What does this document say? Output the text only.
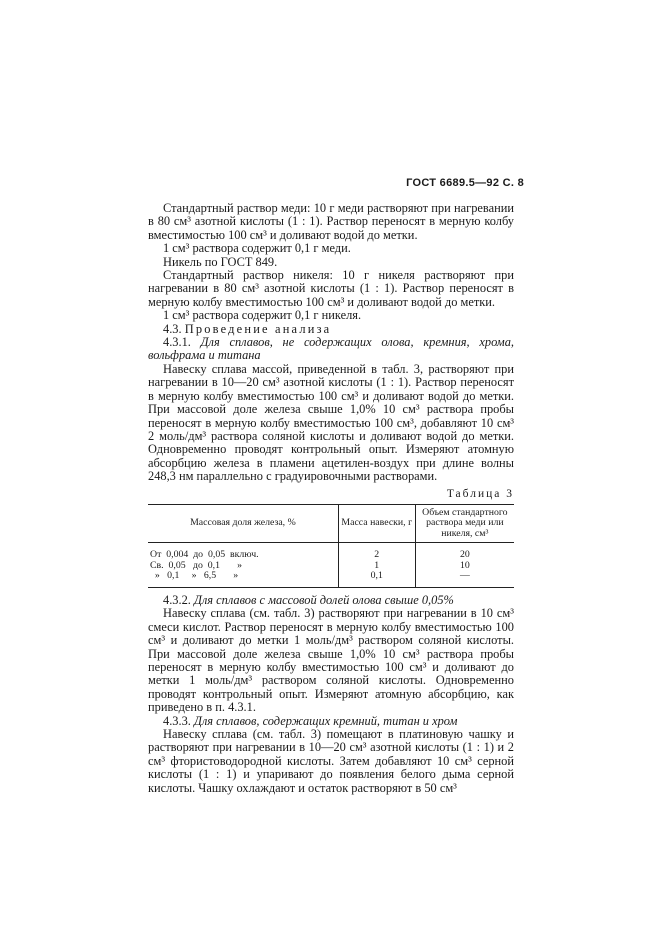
ГОСТ 6689.5—92 С. 8

Стандартный раствор меди: 10 г меди растворяют при нагревании в 80 см³ азотной кислоты (1 : 1). Раствор переносят в мерную колбу вместимостью 100 см³ и доливают водой до метки.

1 см³ раствора содержит 0,1 г меди.

Никель по ГОСТ 849.

Стандартный раствор никеля: 10 г никеля растворяют при нагревании в 80 см³ азотной кислоты (1 : 1). Раствор переносят в мерную колбу вместимостью 100 см³ и доливают водой до метки.

1 см³ раствора содержит 0,1 г никеля.

4.3. Проведение анализа

4.3.1. Для сплавов, не содержащих олова, кремния, хрома, вольфрама и титана

Навеску сплава массой, приведенной в табл. 3, растворяют при нагревании в 10—20 см³ азотной кислоты (1 : 1). Раствор переносят в мерную колбу вместимостью 100 см³ и доливают водой до метки. При массовой доле железа свыше 1,0% 10 см³ раствора пробы переносят в мерную колбу вместимостью 100 см³, добавляют 10 см³ 2 моль/дм³ раствора соляной кислоты и доливают водой до метки. Одновременно проводят контрольный опыт. Измеряют атомную абсорбцию железа в пламени ацетилен-воздух при длине волны 248,3 нм параллельно с градуировочными растворами.

Таблица 3
Массовая доля железа, %	Масса навески, г	Объем стандартного раствора меди или никеля, см³
От  0,004  до  0,05  включ.	2	20
Св.  0,05   до  0,1       »	1	10
»   0,1     »   6,5       »	0,1	—

4.3.2. Для сплавов с массовой долей олова свыше 0,05%

Навеску сплава (см. табл. 3) растворяют при нагревании в 10 см³ смеси кислот. Раствор переносят в мерную колбу вместимостью 100 см³ и доливают до метки 1 моль/дм³ раствором соляной кислоты. При массовой доле железа свыше 1,0% 10 см³ раствора пробы переносят в мерную колбу вместимостью 100 см³ и доливают до метки 1 моль/дм³ раствором соляной кислоты. Одновременно проводят контрольный опыт. Измеряют атомную абсорбцию, как приведено в п. 4.3.1.

4.3.3. Для сплавов, содержащих кремний, титан и хром

Навеску сплава (см. табл. 3) помещают в платиновую чашку и растворяют при нагревании в 10—20 см³ азотной кислоты (1 : 1) и 2 см³ фтористоводородной кислоты. Затем добавляют 10 см³ серной кислоты (1 : 1) и упаривают до появления белого дыма серной кислоты. Чашку охлаждают и остаток растворяют в 50 см³
